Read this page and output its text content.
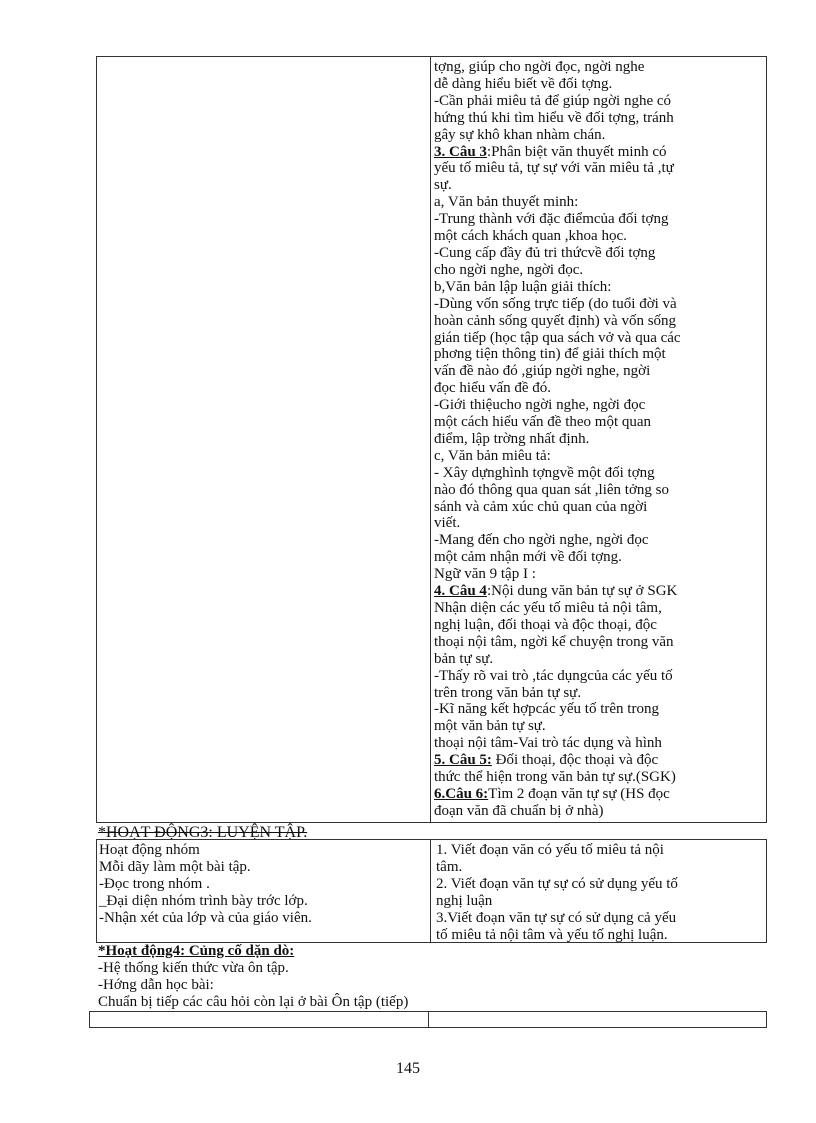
tợng, giúp cho ngời đọc, ngời nghe

dễ dàng hiểu biết về đối tợng.

-Cần phải miêu tả để giúp ngời nghe có

hứng thú khi tìm hiểu về đối tợng, tránh

gây sự khô khan nhàm chán.

3. Câu 3:Phân biệt văn thuyết minh có

yếu tố miêu tả, tự sự với văn miêu tả ,tự

sự.

a, Văn bản thuyết minh:

-Trung thành với đặc điểmcủa đối tợng

một cách khách quan ,khoa học.

-Cung cấp đầy đủ tri thứcvề đối tợng

cho ngời nghe, ngời đọc.

b,Văn bản lập luận giải thích:

-Dùng vốn sống trực tiếp (do tuổi đời và

hoàn cảnh sống quyết định) và vốn sống

gián tiếp (học tập qua sách vở và qua các

phơng tiện thông tin) để giải thích một

vấn đề nào đó ,giúp ngời nghe, ngời

đọc hiểu vấn đề đó.

-Giới thiệucho ngời nghe, ngời đọc

một cách hiểu vấn đề theo một quan

điểm, lập trờng nhất định.

c, Văn bản miêu tả:

- Xây dựnghình tợngvề một đối tợng

nào đó thông qua quan sát ,liên tởng so

sánh và cảm xúc chủ quan của ngời

viết.

-Mang đến cho ngời nghe, ngời đọc

một cảm nhận mới về đối tợng.

Ngữ văn 9 tập I :

4. Câu 4:Nội dung văn bản tự sự ở SGK

Nhận diện các yếu tố miêu tả nội tâm,

nghị luận, đối thoại và độc thoại, độc

thoại nội tâm, ngời kể chuyện trong văn

bản tự sự.

-Thấy rõ vai trò ,tác dụngcủa các yếu tố

trên trong văn bản tự sự.

-Kĩ năng kết hợpcác yếu tố trên trong

một văn bản tự sự.

thoại nội tâm-Vai trò tác dụng và hình

5. Câu 5: Đối thoại, độc thoại và độc

thức thể hiện trong văn bản tự sự.(SGK)

6.Câu 6:Tìm 2 đoạn văn tự sự (HS đọc

đoạn văn đã chuẩn bị ở nhà)

*HOẠT ĐỘNG3: LUYỆN TẬP.

Hoạt động nhóm

Mỗi dãy làm một bài tập.

-Đọc trong nhóm .

_Đại diện nhóm trình bày trớc lớp.

-Nhận xét của lớp và của giáo viên.

1. Viết đoạn văn có yếu tố miêu tả nội

tâm.

2. Viết đoạn văn tự sự có sử dụng yếu tố

nghị luận

3.Viết đoạn văn tự sự có sử dụng cả yếu

tố miêu tả nội tâm và yếu tố nghị luận.

*Hoạt động4: Củng cố dặn dò:

-Hệ thống kiến thức vừa ôn tập.

-Hớng dẫn học bài:

Chuẩn bị tiếp các câu hỏi còn lại ở bài Ôn tập (tiếp)

145
